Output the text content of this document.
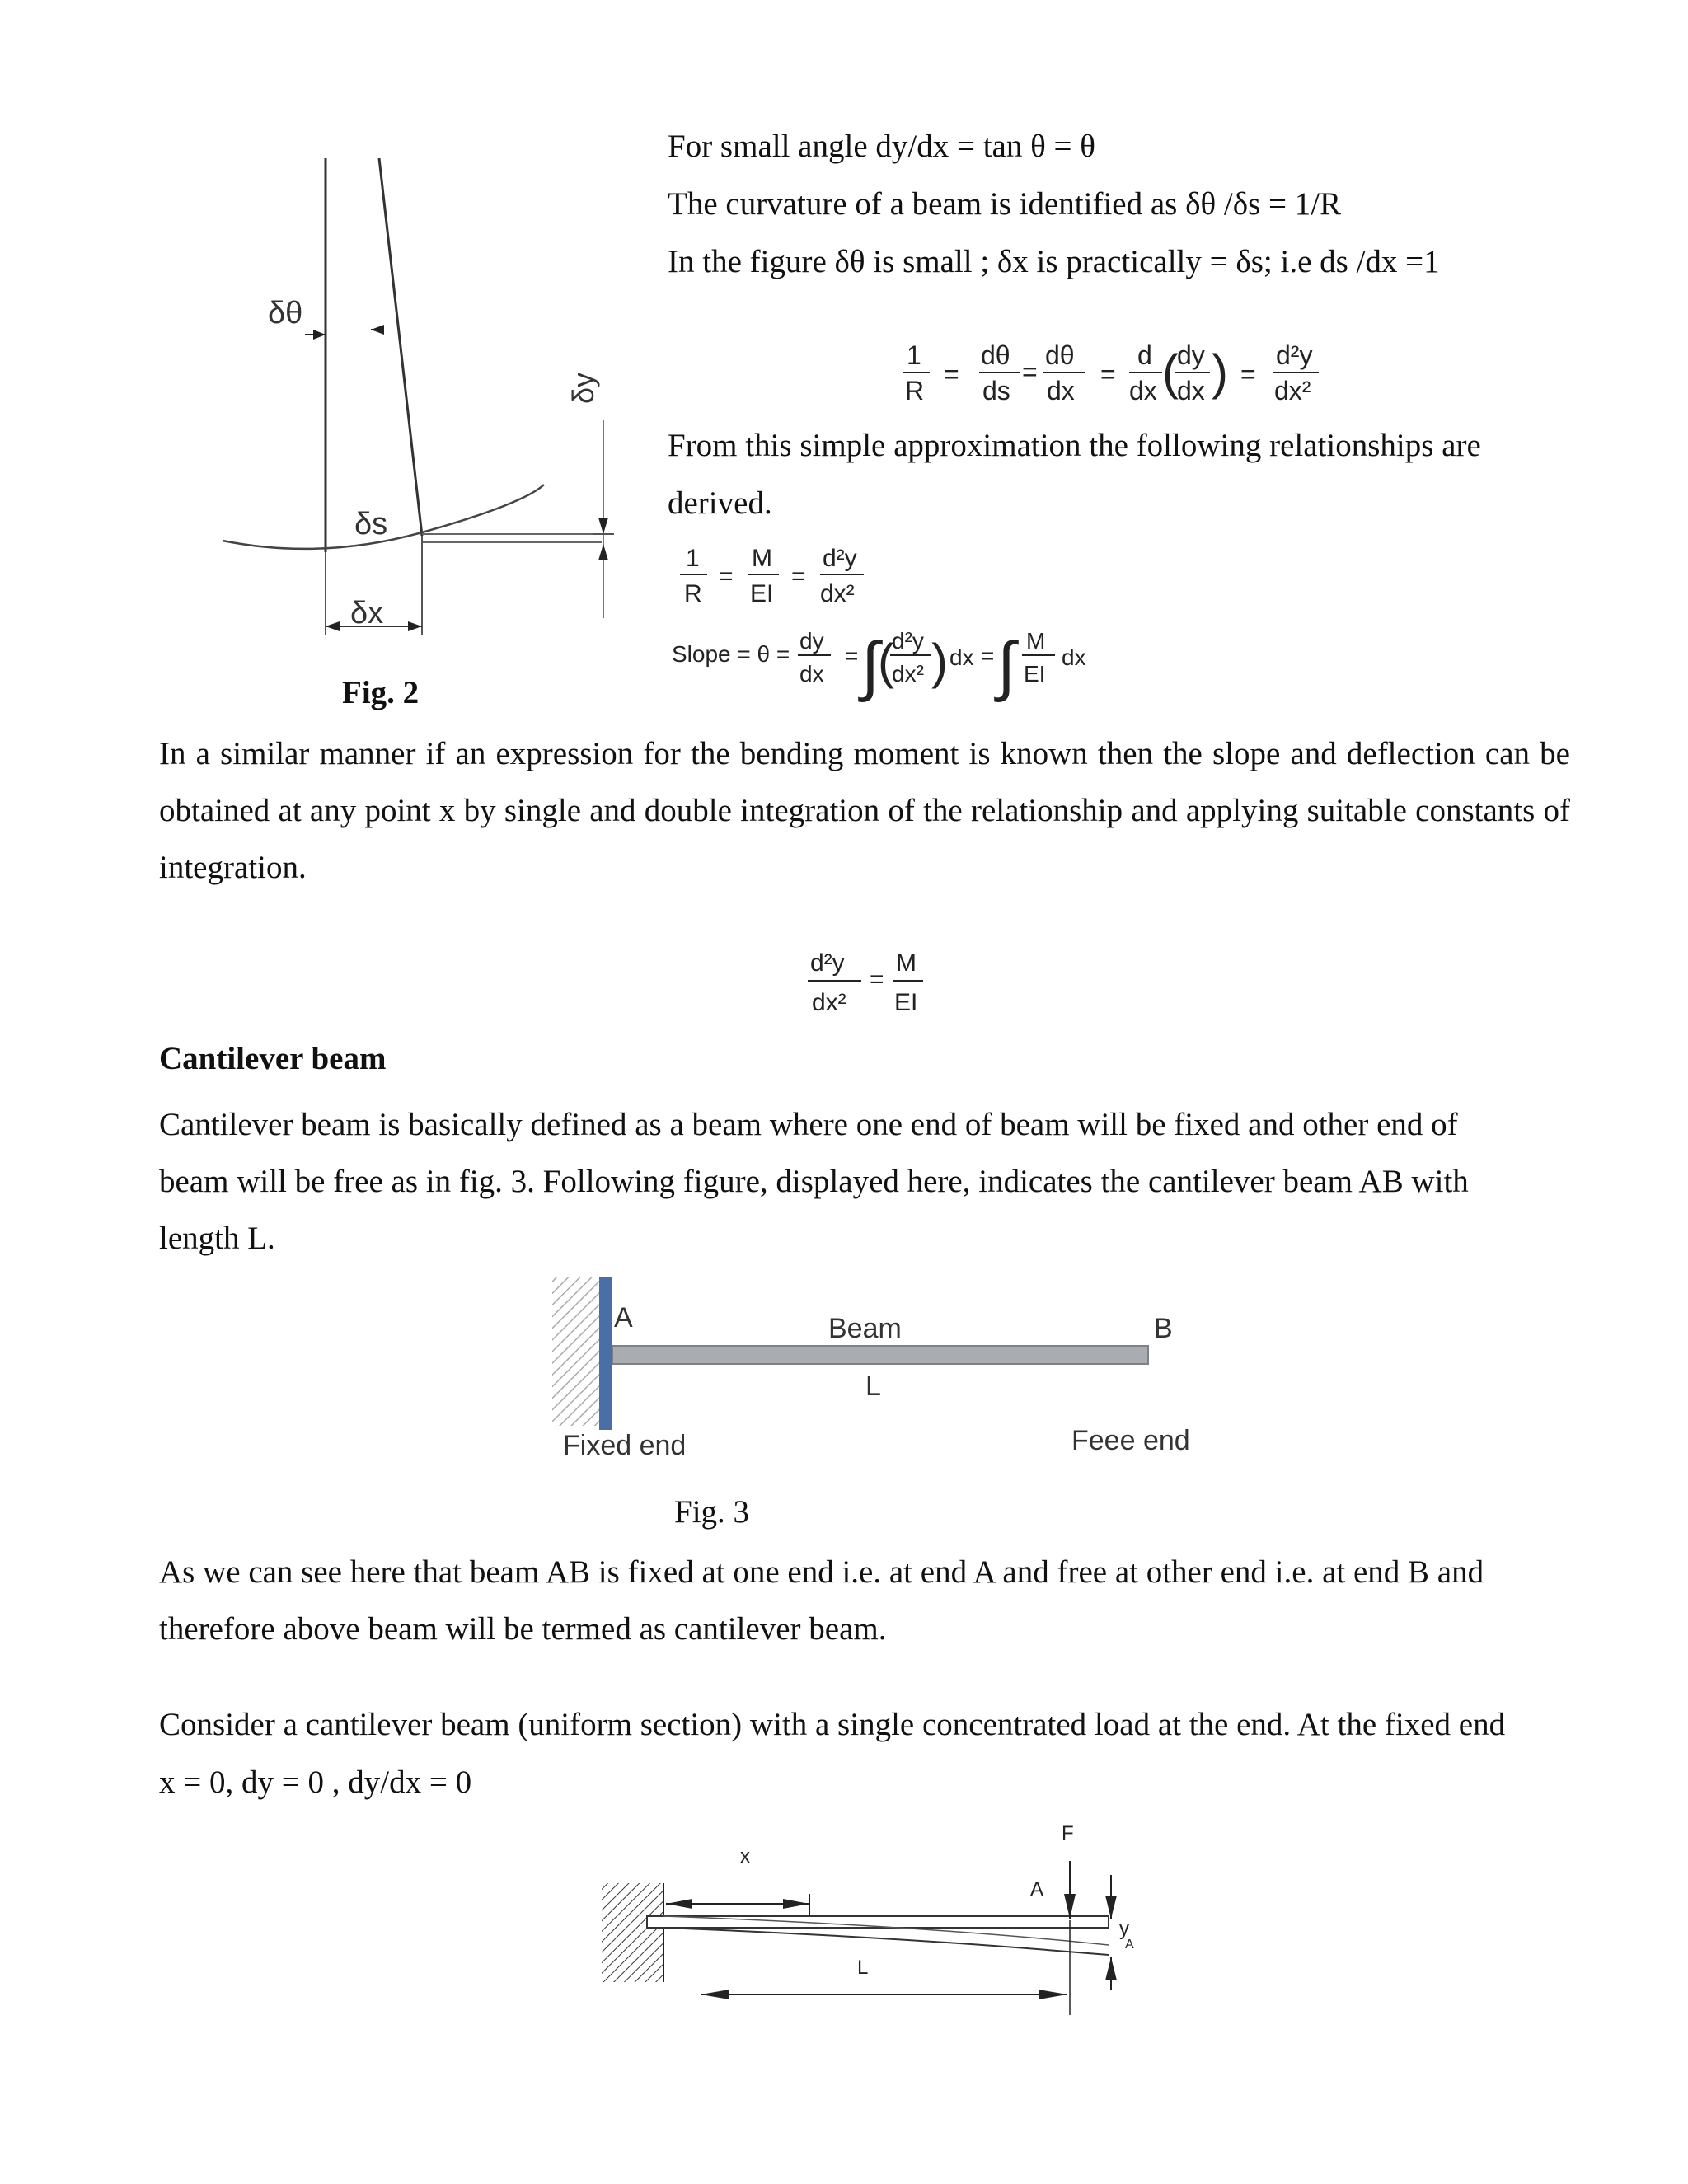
δθ
δs
δx
δy
Fig. 2
For small angle dy/dx = tan θ = θ
The curvature of a beam is identified as δθ /δs = 1/R
In the figure δθ is small ; δx is practically = δs; i.e ds /dx =1
1
R
=
dθ
ds
=
dθ
dx
=
d
dx (
dy
dx ) =
d²y
dx²
From this simple approximation the following relationships are
derived.
1
R
=
M
EI
=
d²y
dx²
Slope = θ =
dy
dx
= ∫
(
d²y
dx² ) dx = ∫ M
EI
dx
In a similar manner if an expression for the bending moment is known then the slope and deflection can be obtained at any point x by single and double integration of the relationship and applying suitable constants of integration.
d²y
dx²
=
M
EI
Cantilever beam
Cantilever beam is basically defined as a beam where one end of beam will be fixed and other end of beam will be free as in fig. 3. Following figure, displayed here, indicates the cantilever beam AB with length L.
A	Beam	B
L
Fixed end	Feee end
Fig. 3
As we can see here that beam AB is fixed at one end i.e. at end A and free at other end i.e. at end B and therefore above beam will be termed as cantilever beam.
Consider a cantilever beam (uniform section) with a single concentrated load at the end. At the fixed end
x = 0, dy = 0 , dy/dx = 0
x
A
F
L
y
A
